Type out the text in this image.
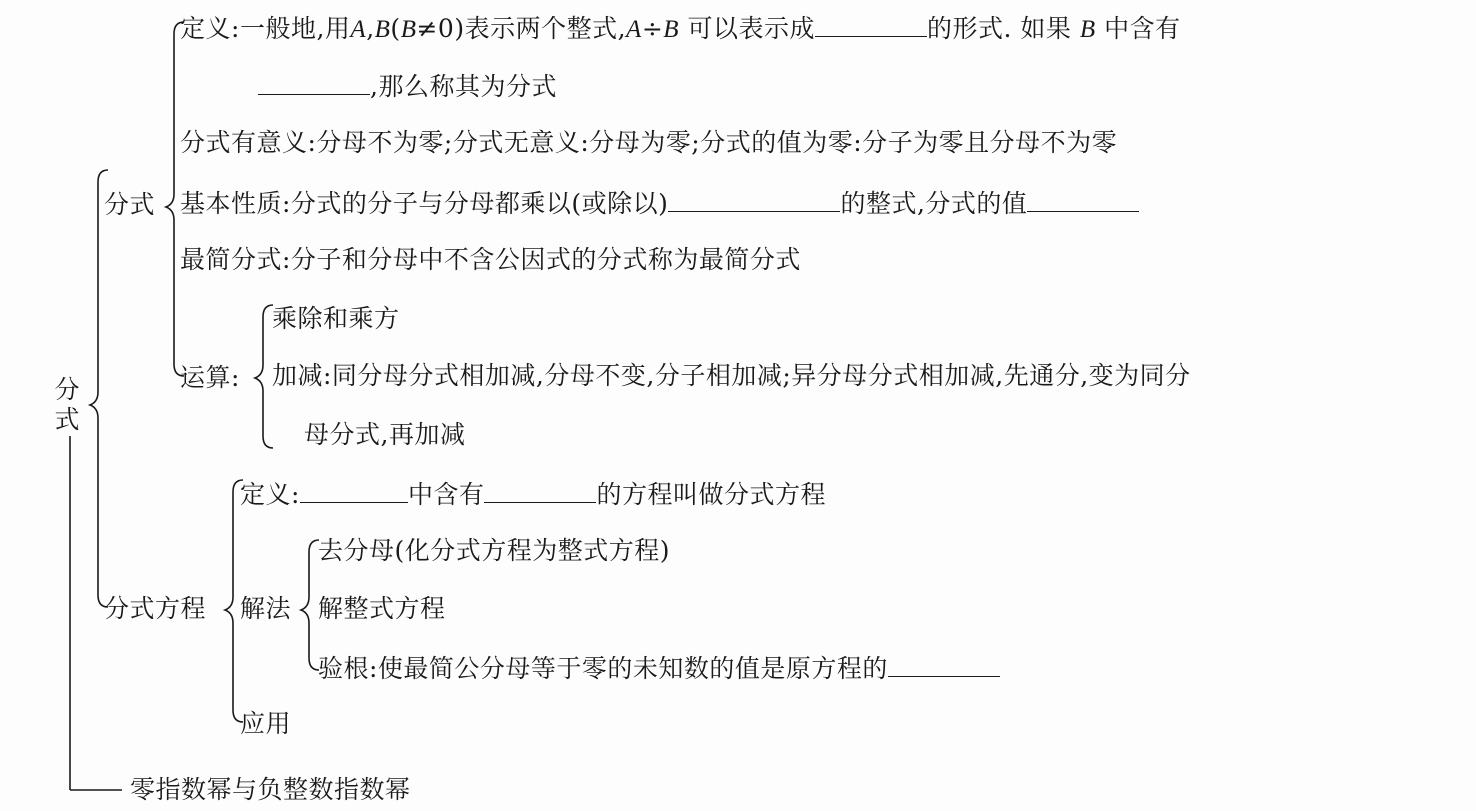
分
式
分式
定义:一般地,用A,B(B≠0)表示两个整式,A÷B 可以表示成	的形式. 如果 B 中含有
,那么称其为分式
分式有意义:分母不为零;分式无意义:分母为零;分式的值为零:分子为零且分母不为零
基本性质:分式的分子与分母都乘以(或除以)	的整式,分式的值
最简分式:分子和分母中不含公因式的分式称为最简分式
运算:
乘除和乘方
加减:同分母分式相加减,分母不变,分子相加减;异分母分式相加减,先通分,变为同分
母分式,再加减
分式方程
定义:	中含有	的方程叫做分式方程
解法
去分母(化分式方程为整式方程)
解整式方程
验根:使最简公分母等于零的未知数的值是原方程的
应用
零指数幂与负整数指数幂
